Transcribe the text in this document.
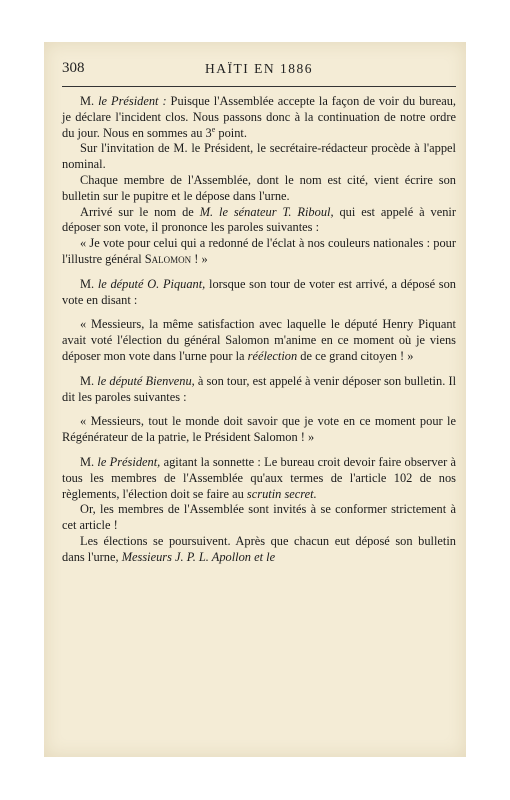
308	HAÏTI EN 1886

M. le Président : Puisque l'Assemblée accepte la façon de voir du bureau, je déclare l'incident clos. Nous passons donc à la continuation de notre ordre du jour. Nous en sommes au 3e point.

Sur l'invitation de M. le Président, le secrétaire-rédacteur procède à l'appel nominal.

Chaque membre de l'Assemblée, dont le nom est cité, vient écrire son bulletin sur le pupitre et le dépose dans l'urne.

Arrivé sur le nom de M. le sénateur T. Riboul, qui est appelé à venir déposer son vote, il prononce les paroles suivantes :

« Je vote pour celui qui a redonné de l'éclat à nos couleurs nationales : pour l'illustre général Salomon ! »

M. le député O. Piquant, lorsque son tour de voter est arrivé, a déposé son vote en disant :

« Messieurs, la même satisfaction avec laquelle le député Henry Piquant avait voté l'élection du général Salomon m'anime en ce moment où je viens déposer mon vote dans l'urne pour la réélection de ce grand citoyen ! »

M. le député Bienvenu, à son tour, est appelé à venir déposer son bulletin. Il dit les paroles suivantes :

« Messieurs, tout le monde doit savoir que je vote en ce moment pour le Régénérateur de la patrie, le Président Salomon ! »

M. le Président, agitant la sonnette : Le bureau croit devoir faire observer à tous les membres de l'Assemblée qu'aux termes de l'article 102 de nos règlements, l'élection doit se faire au scrutin secret.

Or, les membres de l'Assemblée sont invités à se conformer strictement à cet article !

Les élections se poursuivent. Après que chacun eut déposé son bulletin dans l'urne, Messieurs J. P. L. Apollon et le
